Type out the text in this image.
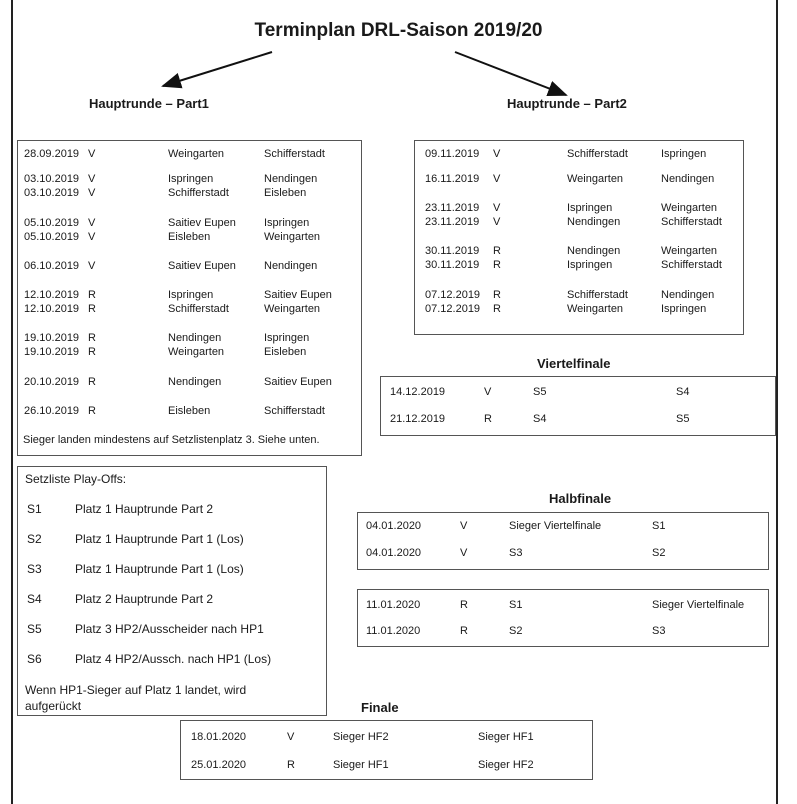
Terminplan DRL-Saison 2019/20
Hauptrunde – Part1	Hauptrunde – Part2
28.09.2019 V	Weingarten	Schifferstadt
03.10.2019 V	Ispringen	Nendingen
03.10.2019 V	Schifferstadt	Eisleben
05.10.2019 V	Saitiev Eupen	Ispringen
05.10.2019 V	Eisleben	Weingarten
06.10.2019 V	Saitiev Eupen	Nendingen
12.10.2019 R	Ispringen	Saitiev Eupen
12.10.2019 R	Schifferstadt	Weingarten
19.10.2019 R	Nendingen	Ispringen
19.10.2019 R	Weingarten	Eisleben
20.10.2019 R	Nendingen	Saitiev Eupen
26.10.2019 R	Eisleben	Schifferstadt
Sieger landen mindestens auf Setzlistenplatz 3. Siehe unten.
09.11.2019 V	Schifferstadt	Ispringen
16.11.2019 V	Weingarten	Nendingen
23.11.2019 V	Ispringen	Weingarten
23.11.2019 V	Nendingen	Schifferstadt
30.11.2019 R	Nendingen	Weingarten
30.11.2019 R	Ispringen	Schifferstadt
07.12.2019 R	Schifferstadt	Nendingen
07.12.2019 R	Weingarten	Ispringen
Viertelfinale
14.12.2019	V	S5	S4
21.12.2019	R	S4	S5
Setzliste Play-Offs:
S1	Platz 1 Hauptrunde Part 2
S2	Platz 1 Hauptrunde Part 1 (Los)
S3	Platz 1 Hauptrunde Part 1 (Los)
S4	Platz 2 Hauptrunde Part 2
S5	Platz 3 HP2/Ausscheider nach HP1
S6	Platz 4 HP2/Aussch. nach HP1 (Los)
Wenn HP1-Sieger auf Platz 1 landet, wird
aufgerückt
Halbfinale
04.01.2020	V	Sieger Viertelfinale	S1
04.01.2020	V	S3	S2
11.01.2020	R	S1	Sieger Viertelfinale
11.01.2020	R	S2	S3
Finale
18.01.2020	V	Sieger HF2	Sieger HF1
25.01.2020	R	Sieger HF1	Sieger HF2
